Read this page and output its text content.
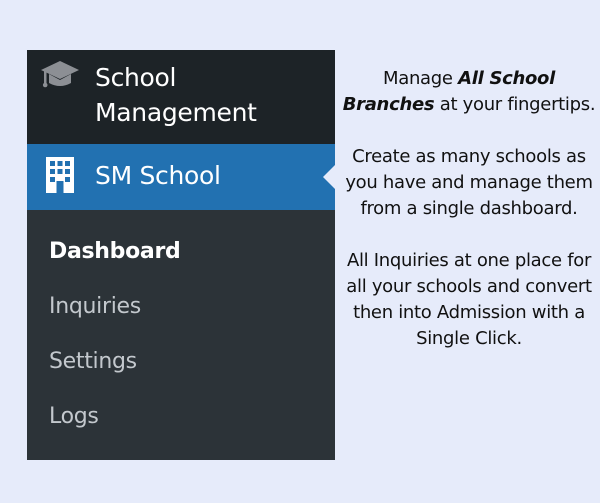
School Management
SM School
Dashboard
Inquiries
Settings
Logs

Manage All School Branches at your fingertips.

Create as many schools as you have and manage them from a single dashboard.

All Inquiries at one place for all your schools and convert then into Admission with a Single Click.
